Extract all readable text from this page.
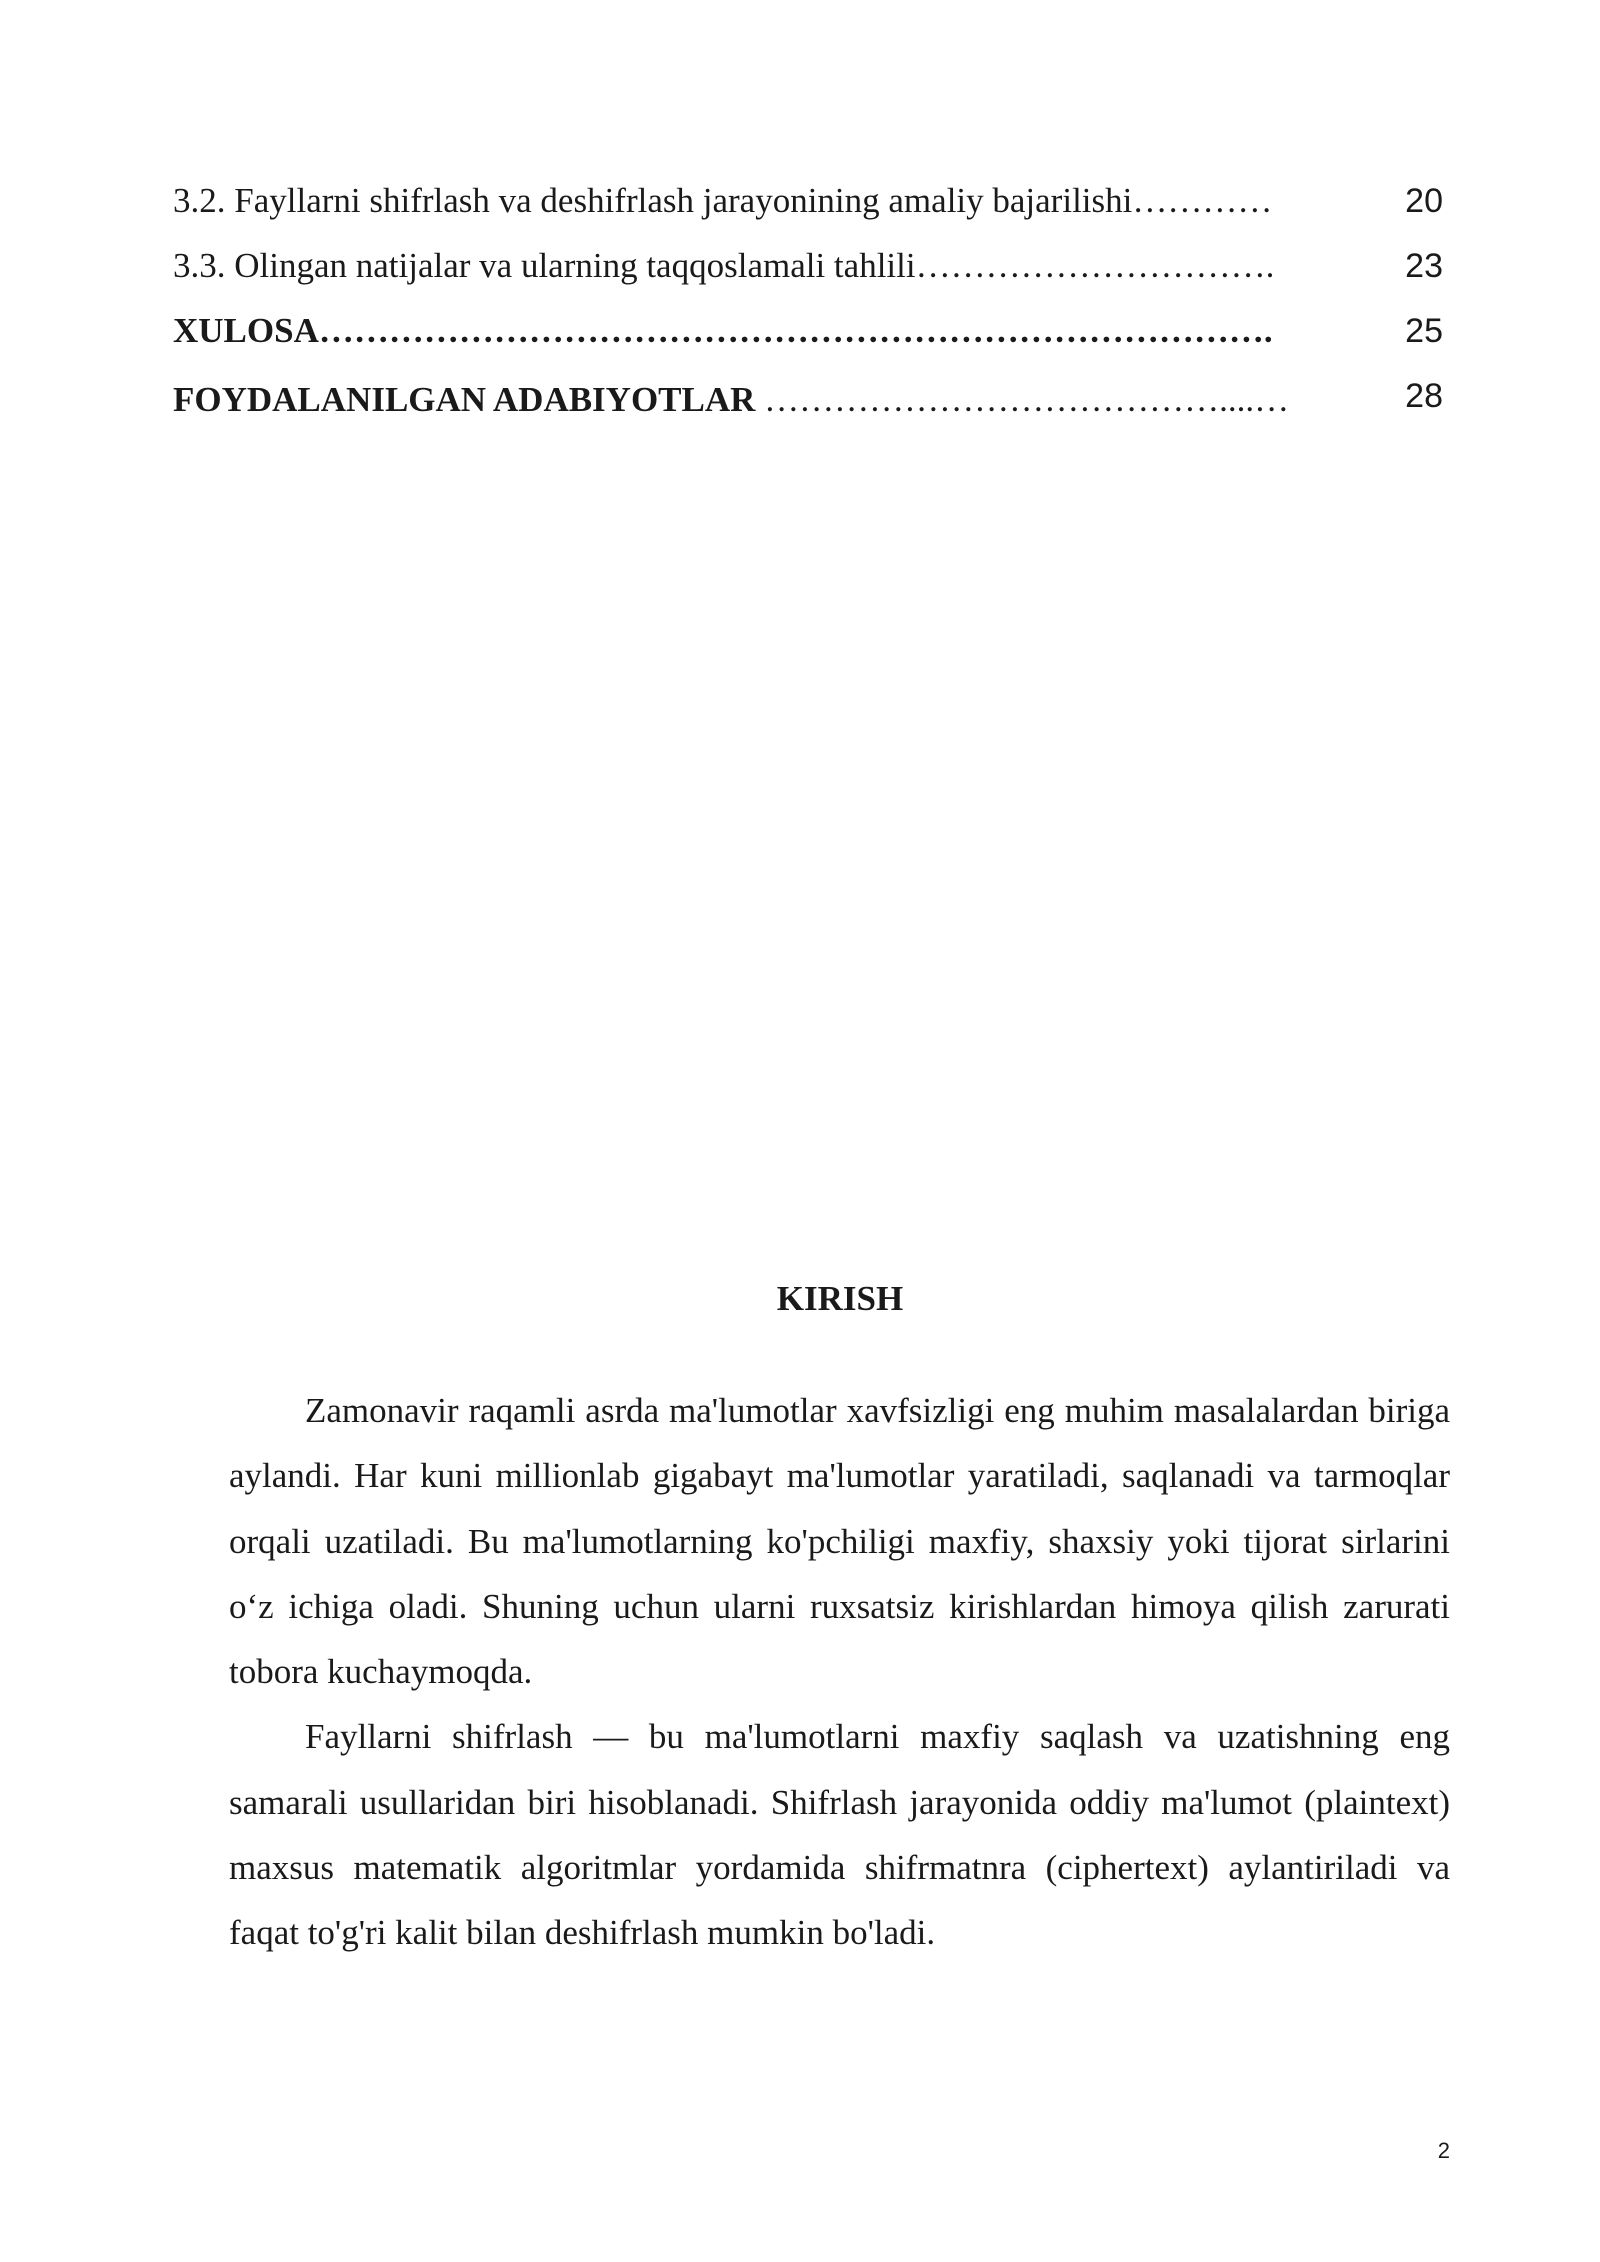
3.2. Fayllarni shifrlash va deshifrlash jarayonining amaliy bajarilishi…………	20
3.3. Olingan natijalar va ularning taqqoslamali tahlili………………………….	23
XULOSA……………………………………………………………………….	25
FOYDALANILGAN ADABIYOTLAR …………………………………....…	28
KIRISH

Zamonavir raqamli asrda ma'lumotlar xavfsizligi eng muhim masalalardan biriga aylandi. Har kuni millionlab gigabayt ma'lumotlar yaratiladi, saqlanadi va tarmoqlar orqali uzatiladi. Bu ma'lumotlarning ko'pchiligi maxfiy, shaxsiy yoki tijorat sirlarini o‘z ichiga oladi. Shuning uchun ularni ruxsatsiz kirishlardan himoya qilish zarurati tobora kuchaymoqda.

Fayllarni shifrlash — bu ma'lumotlarni maxfiy saqlash va uzatishning eng samarali usullaridan biri hisoblanadi. Shifrlash jarayonida oddiy ma'lumot (plaintext) maxsus matematik algoritmlar yordamida shifrmatnra (ciphertext) aylantiriladi va faqat to'g'ri kalit bilan deshifrlash mumkin bo'ladi.

2
